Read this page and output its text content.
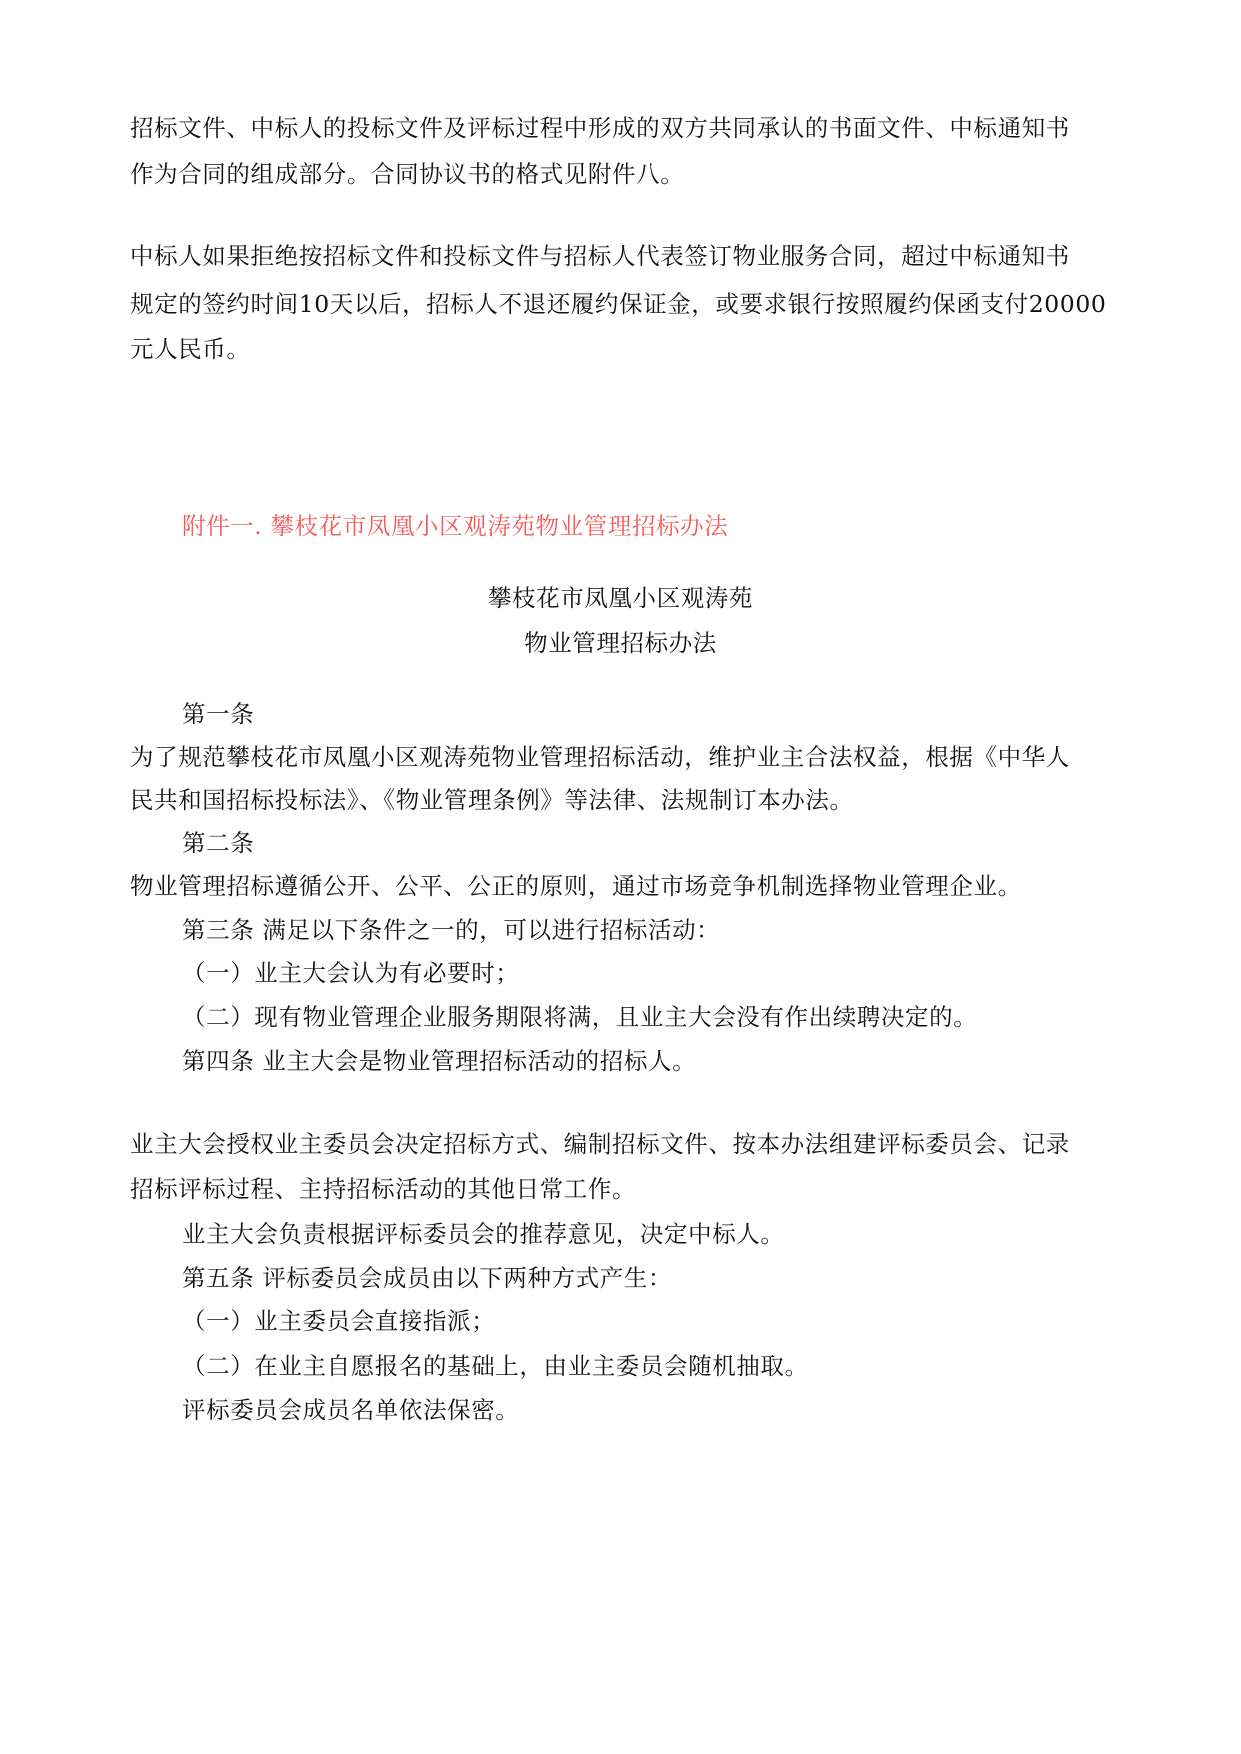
招标文件、中标人的投标文件及评标过程中形成的双方共同承认的书面文件、中标通知书
作为合同的组成部分。合同协议书的格式见附件八。
中标人如果拒绝按招标文件和投标文件与招标人代表签订物业服务合同，超过中标通知书
规定的签约时间10天以后，招标人不退还履约保证金，或要求银行按照履约保函支付20000
元人民币。
附件一. 攀枝花市凤凰小区观涛苑物业管理招标办法
攀枝花市凤凰小区观涛苑
物业管理招标办法
第一条
为了规范攀枝花市凤凰小区观涛苑物业管理招标活动，维护业主合法权益，根据《中华人
民共和国招标投标法》、《物业管理条例》等法律、法规制订本办法。
第二条
物业管理招标遵循公开、公平、公正的原则，通过市场竞争机制选择物业管理企业。
第三条 满足以下条件之一的，可以进行招标活动：
（一）业主大会认为有必要时；
（二）现有物业管理企业服务期限将满，且业主大会没有作出续聘决定的。
第四条 业主大会是物业管理招标活动的招标人。
业主大会授权业主委员会决定招标方式、编制招标文件、按本办法组建评标委员会、记录
招标评标过程、主持招标活动的其他日常工作。
业主大会负责根据评标委员会的推荐意见，决定中标人。
第五条 评标委员会成员由以下两种方式产生：
（一）业主委员会直接指派；
（二）在业主自愿报名的基础上，由业主委员会随机抽取。
评标委员会成员名单依法保密。
